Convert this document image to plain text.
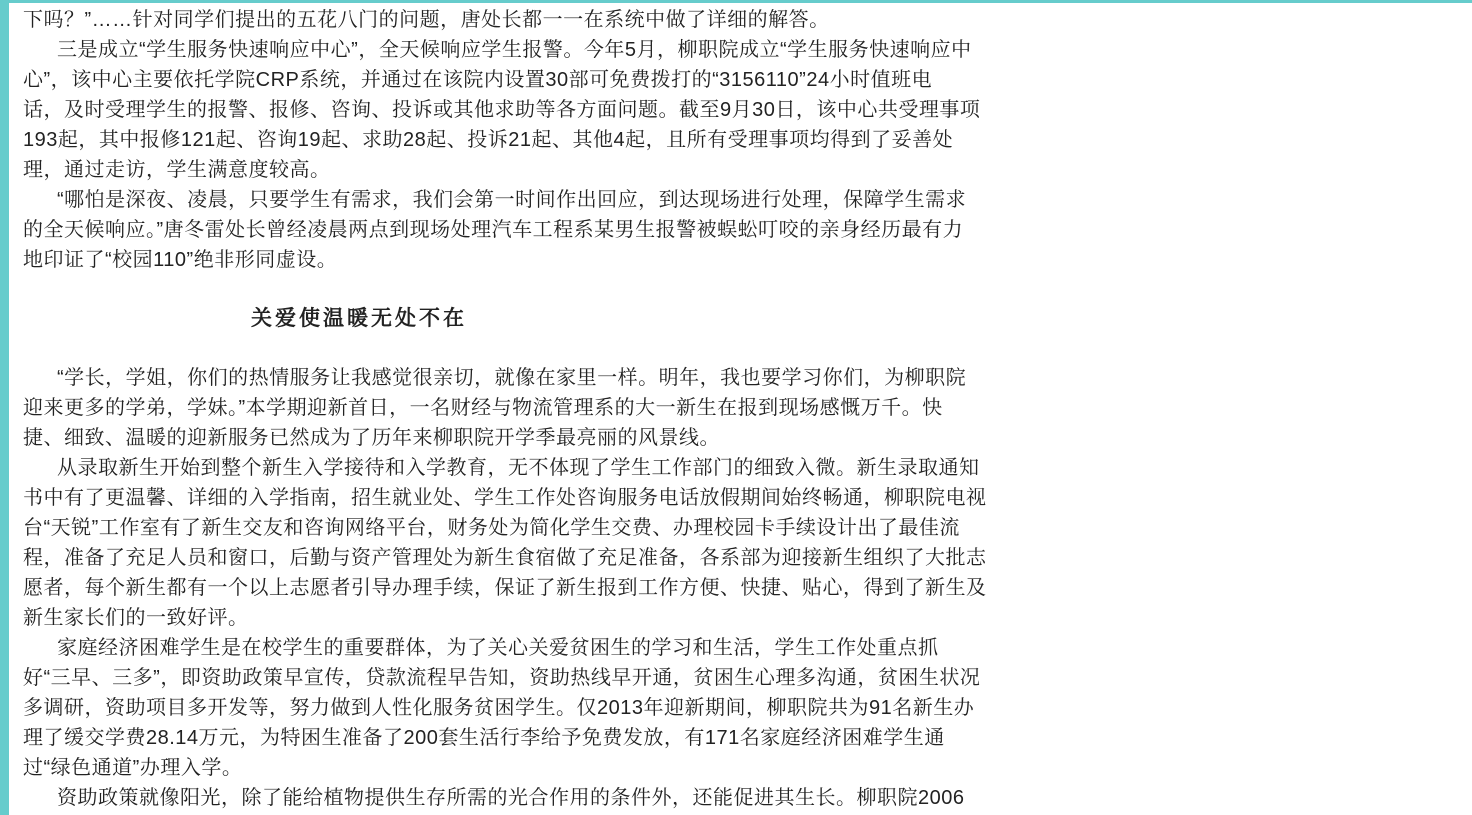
下吗？”……针对同学们提出的五花八门的问题，唐处长都一一在系统中做了详细的解答。
三是成立“学生服务快速响应中心”，全天候响应学生报警。今年5月，柳职院成立“学生服务快速响应中
心”，该中心主要依托学院CRP系统，并通过在该院内设置30部可免费拨打的“3156110”24小时值班电
话，及时受理学生的报警、报修、咨询、投诉或其他求助等各方面问题。截至9月30日，该中心共受理事项
193起，其中报修121起、咨询19起、求助28起、投诉21起、其他4起，且所有受理事项均得到了妥善处
理，通过走访，学生满意度较高。
“哪怕是深夜、凌晨，只要学生有需求，我们会第一时间作出回应，到达现场进行处理，保障学生需求
的全天候响应。”唐冬雷处长曾经凌晨两点到现场处理汽车工程系某男生报警被蜈蚣叮咬的亲身经历最有力
地印证了“校园110”绝非形同虚设。
关爱使温暖无处不在
“学长，学姐，你们的热情服务让我感觉很亲切，就像在家里一样。明年，我也要学习你们，为柳职院
迎来更多的学弟，学妹。”本学期迎新首日，一名财经与物流管理系的大一新生在报到现场感慨万千。快
捷、细致、温暖的迎新服务已然成为了历年来柳职院开学季最亮丽的风景线。
从录取新生开始到整个新生入学接待和入学教育，无不体现了学生工作部门的细致入微。新生录取通知
书中有了更温馨、详细的入学指南，招生就业处、学生工作处咨询服务电话放假期间始终畅通，柳职院电视
台“天锐”工作室有了新生交友和咨询网络平台，财务处为简化学生交费、办理校园卡手续设计出了最佳流
程，准备了充足人员和窗口，后勤与资产管理处为新生食宿做了充足准备，各系部为迎接新生组织了大批志
愿者，每个新生都有一个以上志愿者引导办理手续，保证了新生报到工作方便、快捷、贴心，得到了新生及
新生家长们的一致好评。
家庭经济困难学生是在校学生的重要群体，为了关心关爱贫困生的学习和生活，学生工作处重点抓
好“三早、三多”，即资助政策早宣传，贷款流程早告知，资助热线早开通，贫困生心理多沟通，贫困生状况
多调研，资助项目多开发等，努力做到人性化服务贫困学生。仅2013年迎新期间，柳职院共为91名新生办
理了缓交学费28.14万元，为特困生准备了200套生活行李给予免费发放，有171名家庭经济困难学生通
过“绿色通道”办理入学。
资助政策就像阳光，除了能给植物提供生存所需的光合作用的条件外，还能促进其生长。柳职院2006
